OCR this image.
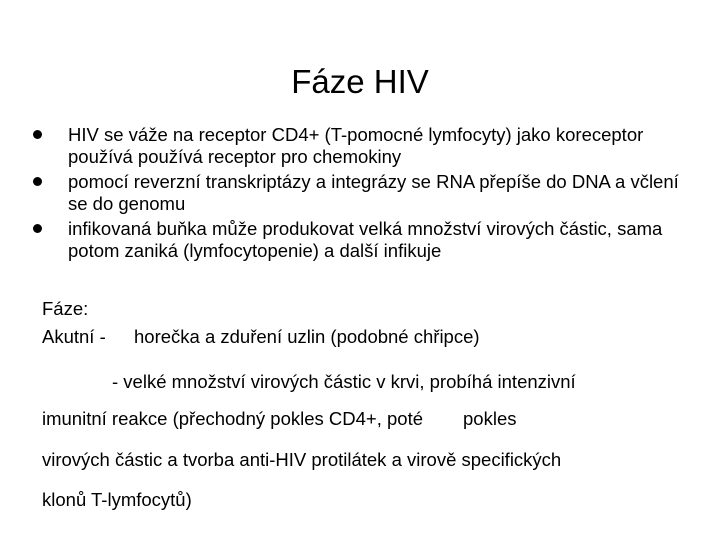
Fáze HIV
HIV se váže na receptor CD4+ (T-pomocné lymfocyty) jako koreceptor používá používá receptor pro chemokiny
pomocí reverzní transkriptázy a integrázy se RNA přepíše do DNA a včlení se do genomu
infikovaná buňka může produkovat velká množství virových částic, sama potom zaniká (lymfocytopenie) a další infikuje
Fáze:
Akutní - horečka a zduření uzlin (podobné chřipce)
- velké množství virových částic v krvi, probíhá intenzivní
imunitní reakce (přechodný pokles CD4+, poté pokles
virových částic a tvorba anti-HIV protilátek a virově specifických
klonů T-lymfocytů)
